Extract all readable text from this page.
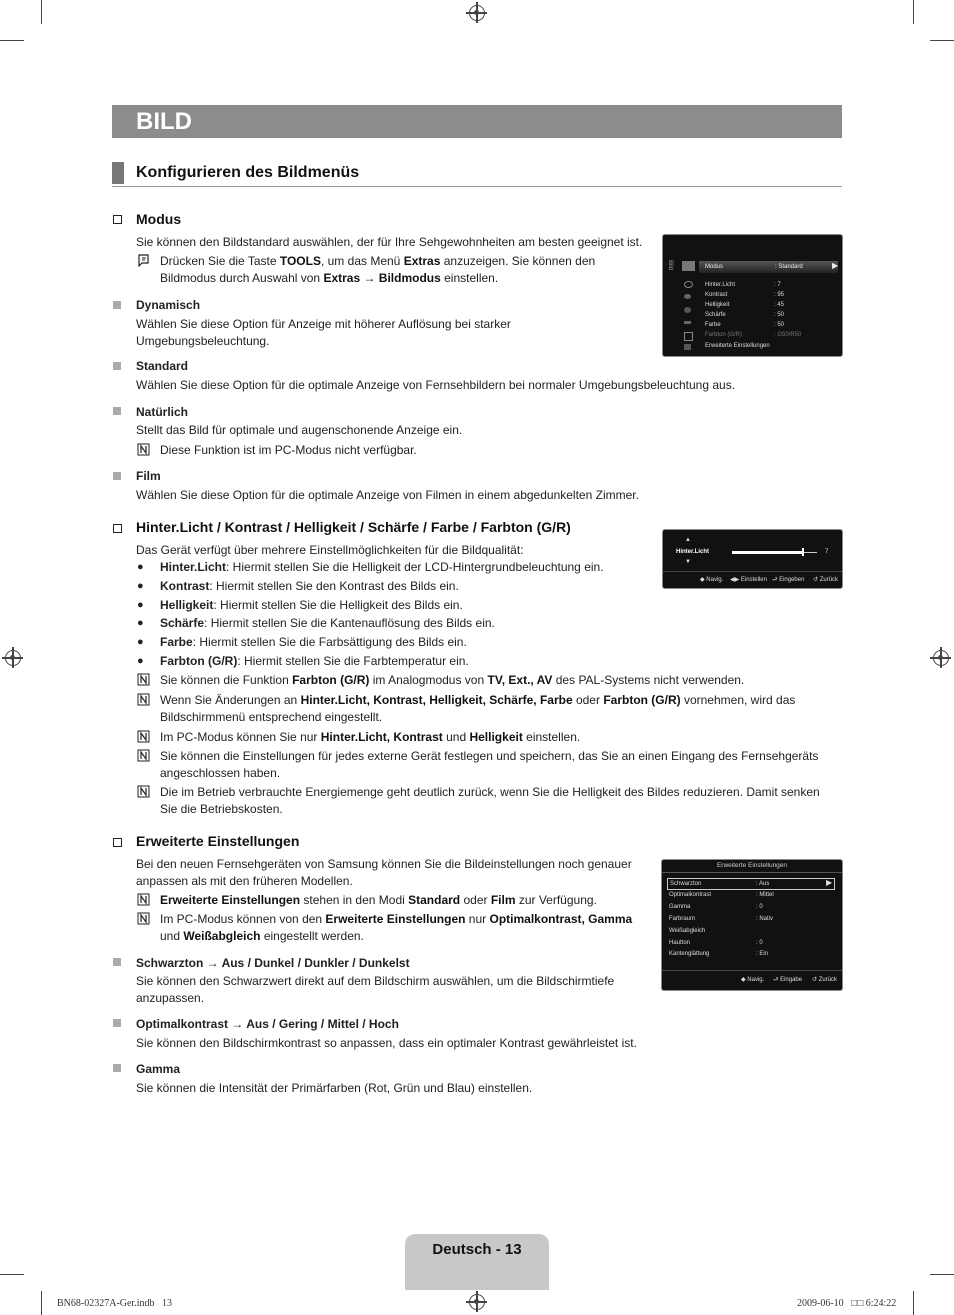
BILD
Konfigurieren des Bildmenüs
Modus
Sie können den Bildstandard auswählen, der für Ihre Sehgewohnheiten am besten geeignet ist.
Drücken Sie die Taste TOOLS, um das Menü Extras anzuzeigen. Sie können den
Bildmodus durch Auswahl von Extras → Bildmodus einstellen.
Dynamisch
Wählen Sie diese Option für Anzeige mit höherer Auflösung bei starker
Umgebungsbeleuchtung.
Standard
Wählen Sie diese Option für die optimale Anzeige von Fernsehbildern bei normaler Umgebungsbeleuchtung aus.
Natürlich
Stellt das Bild für optimale und augenschonende Anzeige ein.
Diese Funktion ist im PC-Modus nicht verfügbar.
Film
Wählen Sie diese Option für die optimale Anzeige von Filmen in einem abgedunkelten Zimmer.
Bild	Modus	: Standard	▶
Hinter.Licht	: 7
Kontrast	: 95
Helligkeit	: 45
Schärfe	: 50
Farbe	: 50
Farbton (G/R)	: G50/R50
Erweiterte Einstellungen
Hinter.Licht / Kontrast / Helligkeit / Schärfe / Farbe / Farbton (G/R)
Das Gerät verfügt über mehrere Einstellmöglichkeiten für die Bildqualität:
● Hinter.Licht: Hiermit stellen Sie die Helligkeit der LCD-Hintergrundbeleuchtung ein.
● Kontrast: Hiermit stellen Sie den Kontrast des Bilds ein.
● Helligkeit: Hiermit stellen Sie die Helligkeit des Bilds ein.
● Schärfe: Hiermit stellen Sie die Kantenauflösung des Bilds ein.
● Farbe: Hiermit stellen Sie die Farbsättigung des Bilds ein.
● Farbton (G/R): Hiermit stellen Sie die Farbtemperatur ein.
Sie können die Funktion Farbton (G/R) im Analogmodus von TV, Ext., AV des PAL-Systems nicht verwenden.
Wenn Sie Änderungen an Hinter.Licht, Kontrast, Helligkeit, Schärfe, Farbe oder Farbton (G/R) vornehmen, wird das
Bildschirmmenü entsprechend eingestellt.
Im PC-Modus können Sie nur Hinter.Licht, Kontrast und Helligkeit einstellen.
Sie können die Einstellungen für jedes externe Gerät festlegen und speichern, das Sie an einen Eingang des Fernsehgeräts
angeschlossen haben.
Die im Betrieb verbrauchte Energiemenge geht deutlich zurück, wenn Sie die Helligkeit des Bildes reduzieren. Damit senken
Sie die Betriebskosten.
▲
Hinter.Licht
▼
7
◆ Navig. ◀▶ Einstellen ⮐ Eingeben ↺ Zurück
Erweiterte Einstellungen
Bei den neuen Fernsehgeräten von Samsung können Sie die Bildeinstellungen noch genauer
anpassen als mit den früheren Modellen.
Erweiterte Einstellungen stehen in den Modi Standard oder Film zur Verfügung.
Im PC-Modus können von den Erweiterte Einstellungen nur Optimalkontrast, Gamma
und Weißabgleich eingestellt werden.
Schwarzton → Aus / Dunkel / Dunkler / Dunkelst
Sie können den Schwarzwert direkt auf dem Bildschirm auswählen, um die Bildschirmtiefe
anzupassen.
Optimalkontrast → Aus / Gering / Mittel / Hoch
Sie können den Bildschirmkontrast so anpassen, dass ein optimaler Kontrast gewährleistet ist.
Gamma
Sie können die Intensität der Primärfarben (Rot, Grün und Blau) einstellen.
Erweiterte Einstellungen
Schwarzton	: Aus	▶
Optimalkontrast	: Mittel
Gamma	: 0
Farbraum	: Nativ
Weißabgleich
Hautton	: 0
Kantenglättung	: Ein
◆ Navig. ⮐ Eingabe ↺ Zurück
Deutsch - 13
BN68-02327A-Ger.indb   13	2009-06-10   □□ 6:24:22
